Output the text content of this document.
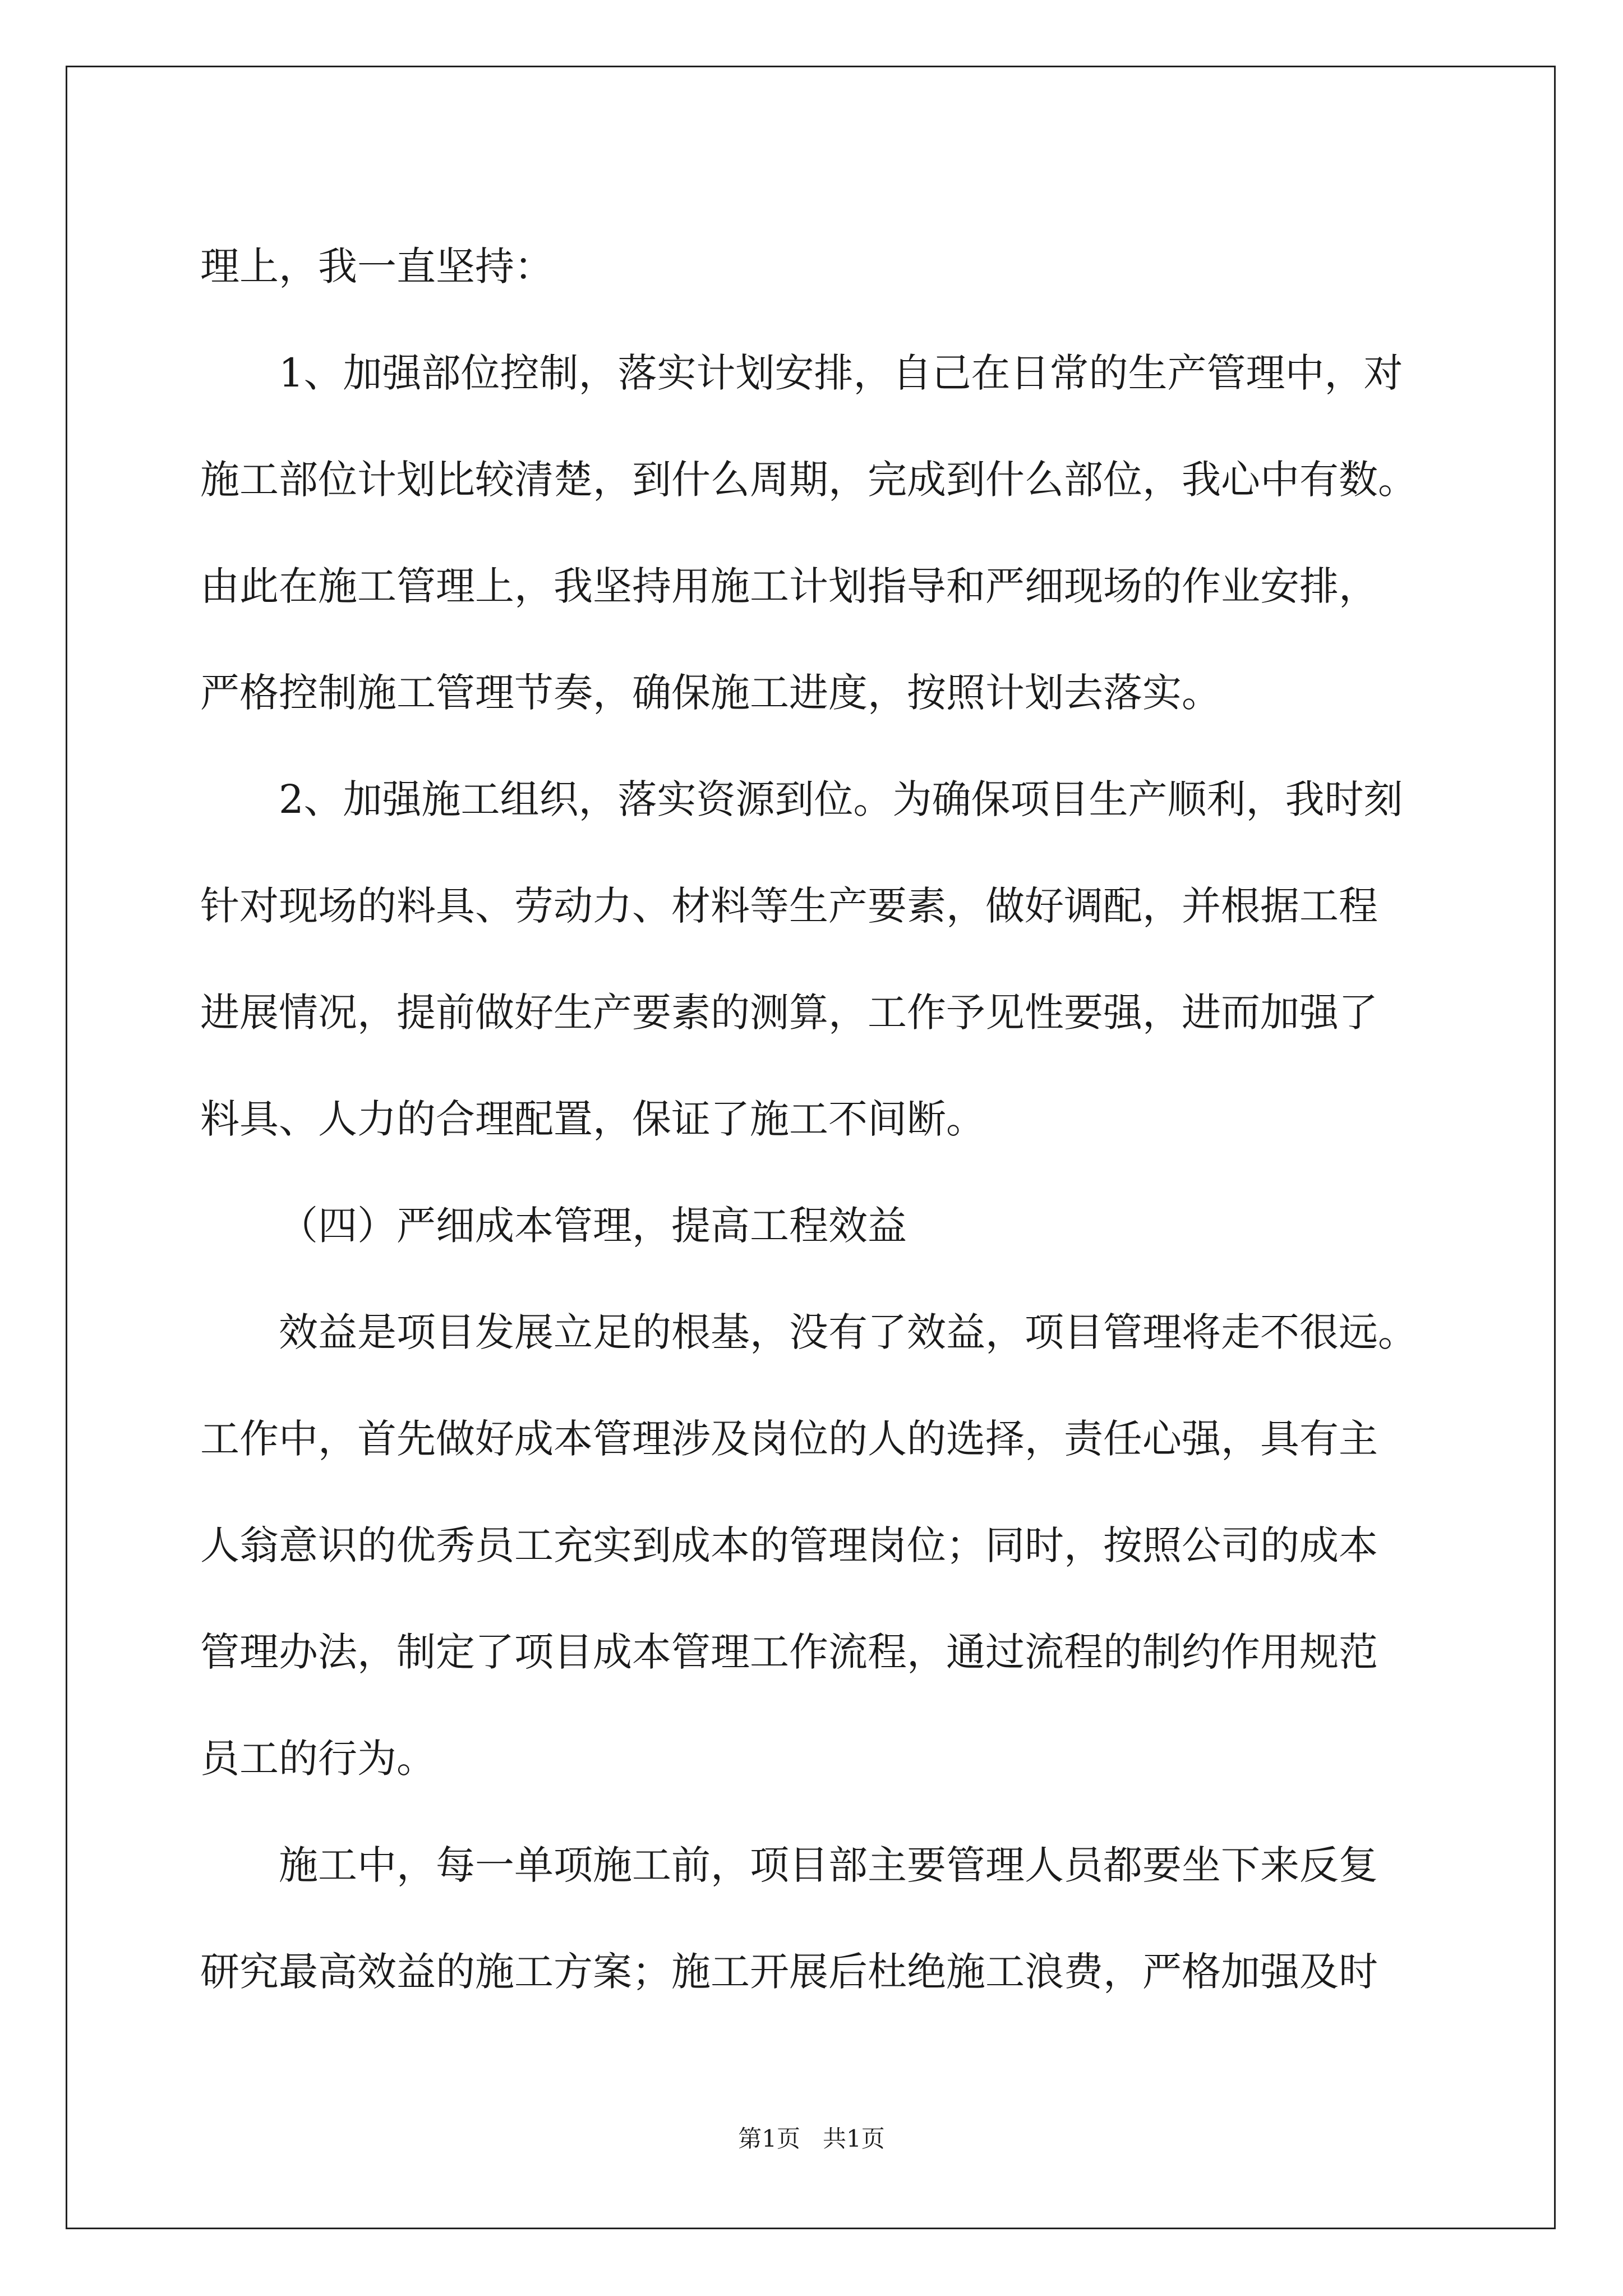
理上，我一直坚持：

1、加强部位控制，落实计划安排，自己在日常的生产管理中，对

施工部位计划比较清楚，到什么周期，完成到什么部位，我心中有数。

由此在施工管理上，我坚持用施工计划指导和严细现场的作业安排，

严格控制施工管理节奏，确保施工进度，按照计划去落实。

2、加强施工组织，落实资源到位。为确保项目生产顺利，我时刻

针对现场的料具、劳动力、材料等生产要素，做好调配，并根据工程

进展情况，提前做好生产要素的测算，工作予见性要强，进而加强了

料具、人力的合理配置，保证了施工不间断。

（四）严细成本管理，提高工程效益

效益是项目发展立足的根基，没有了效益，项目管理将走不很远。

工作中，首先做好成本管理涉及岗位的人的选择，责任心强，具有主

人翁意识的优秀员工充实到成本的管理岗位；同时，按照公司的成本

管理办法，制定了项目成本管理工作流程，通过流程的制约作用规范

员工的行为。

施工中，每一单项施工前，项目部主要管理人员都要坐下来反复

研究最高效益的施工方案；施工开展后杜绝施工浪费，严格加强及时

第1页   共1页
